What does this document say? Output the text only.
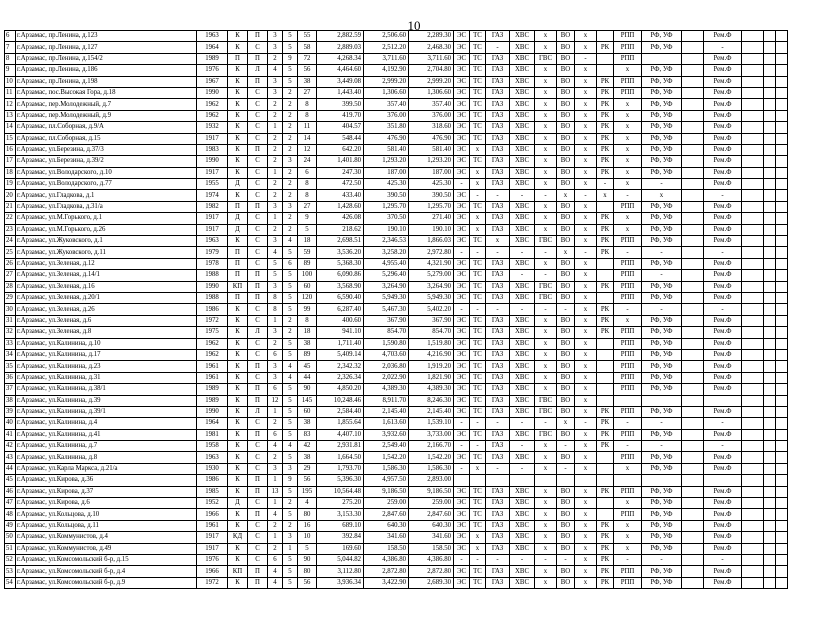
10
6	г.Арзамас, пр.Ленина, д.123	1963	К	П	3	5	55	2,882.59	2,506.60	2,289.30	ЭС	ТС	ГАЗ	ХВС	х	ВО	х		РПП	РФ, УФ		Рем.Ф			
7	г.Арзамас, пр.Ленина, д.127	1964	К	С	3	5	58	2,889.03	2,512.20	2,468.30	ЭС	ТС	-	ХВС	х	ВО	х	РК	РПП	РФ, УФ		-			
8	г.Арзамас, пр.Ленина, д.154/2	1989	П	П	2	9	72	4,268.34	3,711.60	3,711.60	ЭС	ТС	ГАЗ	ХВС	ГВС	ВО	-		РПП			Рем.Ф			
9	г.Арзамас, пр.Ленина, д.186	1976	К	Л	4	5	56	4,464.60	4,192.90	2,704.80	ЭС	ТС	ГАЗ	ХВС	х	ВО	х		х	РФ, УФ		Рем.Ф			
10	г.Арзамас, пр.Ленина, д.198	1967	К	П	3	5	38	3,449.08	2,999.20	2,999.20	ЭС	ТС	ГАЗ	ХВС	х	ВО	х	РК	РПП	РФ, УФ		Рем.Ф			
11	г.Арзамас, пос.Высокая Гора, д.18	1990	К	С	3	2	27	1,443.40	1,306.60	1,306.60	ЭС	ТС	ГАЗ	ХВС	х	ВО	х	РК	РПП	РФ, УФ		Рем.Ф			
12	г.Арзамас, пер.Молодежный, д.7	1962	К	С	2	2	8	399.50	357.40	357.40	ЭС	ТС	ГАЗ	ХВС	х	ВО	х	РК	х	РФ, УФ		Рем.Ф			
13	г.Арзамас, пер.Молодежный, д.9	1962	К	С	2	2	8	419.70	376.00	376.00	ЭС	ТС	ГАЗ	ХВС	х	ВО	х	РК	х	РФ, УФ		Рем.Ф			
14	г.Арзамас, пл.Соборная, д.9/А	1932	К	С	1	2	11	404.57	351.80	318.60	ЭС	ТС	ГАЗ	ХВС	х	ВО	х	РК	х	РФ, УФ		Рем.Ф			
15	г.Арзамас, пл.Соборная, д.15	1917	К	С	2	2	14	548.44	476.90	476.90	ЭС	ТС	ГАЗ	ХВС	х	ВО	х	РК	х	РФ, УФ		Рем.Ф			
16	г.Арзамас, ул.Березина, д.37/3	1983	К	П	2	2	12	642.20	581.40	581.40	ЭС	х	ГАЗ	ХВС	х	ВО	х	РК	х	РФ, УФ		Рем.Ф			
17	г.Арзамас, ул.Березина, д.39/2	1990	К	С	2	3	24	1,401.80	1,293.20	1,293.20	ЭС	ТС	ГАЗ	ХВС	х	ВО	х	РК	х	РФ, УФ		Рем.Ф			
18	г.Арзамас, ул.Володарского, д.10	1917	К	С	1	2	6	247.30	187.00	187.00	ЭС	х	ГАЗ	ХВС	х	ВО	х	РК	х	РФ, УФ		Рем.Ф			
19	г.Арзамас, ул.Володарского, д.77	1955	Д	С	2	2	8	472.50	425.30	425.30	-	х	ГАЗ	ХВС	х	ВО	х	-	х	-		Рем.Ф			
20	г.Арзамас, ул.Гладкова, д.1	1974	К	С	2	2	8	433.40	390.50	390.50	ЭС	-	-	-	-	х	-	х	-	х		-			
21	г.Арзамас, ул.Гладкова, д.31/а	1982	П	П	3	3	27	1,428.60	1,295.70	1,295.70	ЭС	ТС	ГАЗ	ХВС	х	ВО	х		РПП	РФ, УФ		Рем.Ф			
22	г.Арзамас, ул.М.Горького, д.1	1917	Д	С	1	2	9	426.08	370.50	271.40	ЭС	х	ГАЗ	ХВС	х	ВО	х	РК	х	РФ, УФ		Рем.Ф			
23	г.Арзамас, ул.М.Горького, д.26	1917	Д	С	2	2	5	218.62	190.10	190.10	ЭС	х	ГАЗ	ХВС	х	ВО	х	РК	х	РФ, УФ		Рем.Ф			
24	г.Арзамас, ул.Жуковского, д.1	1963	К	С	3	4	18	2,698.51	2,346.53	1,866.03	ЭС	ТС	х	ХВС	ГВС	ВО	х	РК	РПП	РФ, УФ		Рем.Ф			
25	г.Арзамас, ул.Жуковского, д.11	1979	П	С	4	5	59	3,536.20	3,258.20	2,972.80	-	-	-	-	-	х	-	РК	-	-		-			
26	г.Арзамас, ул.Зеленая, д.12	1978	П	С	5	6	89	5,368.30	4,955.40	4,321.90	ЭС	ТС	ГАЗ	ХВС	х	ВО	х		РПП	РФ, УФ		Рем.Ф			
27	г.Арзамас, ул.Зеленая, д.14/1	1988	П	П	5	5	100	6,090.86	5,296.40	5,279.00	ЭС	ТС	ГАЗ	-	-	ВО	х		РПП	-		Рем.Ф			
28	г.Арзамас, ул.Зеленая, д.16	1990	КП	П	3	5	60	3,568.90	3,264.90	3,264.90	ЭС	ТС	ГАЗ	ХВС	ГВС	ВО	х	РК	РПП	РФ, УФ		Рем.Ф			
29	г.Арзамас, ул.Зеленая, д.20/1	1988	П	П	8	5	120	6,590.40	5,949.30	5,949.30	ЭС	ТС	ГАЗ	ХВС	ГВС	ВО	х		РПП	РФ, УФ		Рем.Ф			
30	г.Арзамас, ул.Зеленая, д.26	1986	К	С	8	5	99	6,287.40	5,467.30	5,402.20	-	-	-	-	-	-	х	РК	-	-		-			
31	г.Арзамас, ул.Зеленая, д.6	1972	К	С	1	2	8	400.60	367.90	367.90	ЭС	ТС	ГАЗ	ХВС	х	ВО	х	РК	х	РФ, УФ		Рем.Ф			
32	г.Арзамас, ул.Зеленая, д.8	1975	К	Л	3	2	18	941.10	854.70	854.70	ЭС	ТС	ГАЗ	ХВС	х	ВО	х	РК	РПП	РФ, УФ		Рем.Ф			
33	г.Арзамас, ул.Калинина, д.10	1962	К	С	2	5	38	1,711.40	1,590.80	1,519.80	ЭС	ТС	ГАЗ	ХВС	х	ВО	х		РПП	РФ, УФ		Рем.Ф			
34	г.Арзамас, ул.Калинина, д.17	1962	К	С	6	5	89	5,409.14	4,703.60	4,216.90	ЭС	ТС	ГАЗ	ХВС	х	ВО	х		РПП	РФ, УФ		Рем.Ф			
35	г.Арзамас, ул.Калинина, д.23	1961	К	П	3	4	45	2,342.32	2,036.80	1,919.20	ЭС	ТС	ГАЗ	ХВС	х	ВО	х		РПП	РФ, УФ		Рем.Ф			
36	г.Арзамас, ул.Калинина, д.31	1961	К	С	3	4	44	2,326.34	2,022.90	1,821.90	ЭС	ТС	ГАЗ	ХВС	х	ВО	х		РПП	РФ, УФ		Рем.Ф			
37	г.Арзамас, ул.Калинина, д.38/1	1989	К	П	6	5	90	4,850.20	4,389.30	4,389.30	ЭС	ТС	ГАЗ	ХВС	х	ВО	х		РПП	РФ, УФ		Рем.Ф			
38	г.Арзамас, ул.Калинина, д.39	1989	К	П	12	5	145	10,248.46	8,911.70	8,246.30	ЭС	ТС	ГАЗ	ХВС	ГВС	ВО	х								
39	г.Арзамас, ул.Калинина, д.39/1	1990	К	Л	1	5	60	2,584.40	2,145.40	2,145.40	ЭС	ТС	ГАЗ	ХВС	ГВС	ВО	х	РК	РПП	РФ, УФ		Рем.Ф			
40	г.Арзамас, ул.Калинина, д.4	1964	К	С	2	5	38	1,855.64	1,613.60	1,539.10	-	-	-	-	-	х	-	РК	-	-		-			
41	г.Арзамас, ул.Калинина, д.41	1981	К	П	6	5	83	4,407.10	3,932.60	3,733.00	ЭС	ТС	ГАЗ	ХВС	ГВС	ВО	х	РК	РПП	РФ, УФ		Рем.Ф			
42	г.Арзамас, ул.Калинина, д.7	1958	К	С	4	4	42	2,931.81	2,549.40	2,166.70	-	-	ГАЗ	-	х	-	х	РК	-	-		-			
43	г.Арзамас, ул.Калинина, д.8	1963	К	С	2	5	38	1,664.50	1,542.20	1,542.20	ЭС	ТС	ГАЗ	ХВС	х	ВО	х		РПП	РФ, УФ		Рем.Ф			
44	г.Арзамас, ул.Карла Маркса, д.21/а	1930	К	С	3	3	29	1,793.70	1,586.30	1,586.30	-	х	-	-	х	-	х		х	РФ, УФ		Рем.Ф			
45	г.Арзамас, ул.Кирова, д.36	1986	К	П	1	9	56	5,396.30	4,957.50	2,893.00															
46	г.Арзамас, ул.Кирова, д.37	1985	К	П	13	5	195	10,564.48	9,186.50	9,186.50	ЭС	ТС	ГАЗ	ХВС	х	ВО	х	РК	РПП	РФ, УФ		Рем.Ф			
47	г.Арзамас, ул.Кирова, д.6	1952	Д	С	1	2	4	275.20	259.00	259.00	ЭС	ТС	ГАЗ	ХВС	х	ВО	х		х	РФ, УФ		Рем.Ф			
48	г.Арзамас, ул.Кольцова, д.10	1966	К	П	4	5	80	3,153.30	2,847.60	2,847.60	ЭС	ТС	ГАЗ	ХВС	х	ВО	х		РПП	РФ, УФ		Рем.Ф			
49	г.Арзамас, ул.Кольцова, д.11	1961	К	С	2	2	16	689.10	640.30	640.30	ЭС	ТС	ГАЗ	ХВС	х	ВО	х	РК	х	РФ, УФ		Рем.Ф			
50	г.Арзамас, ул.Коммунистов, д.4	1917	КД	С	1	3	10	392.84	341.60	341.60	ЭС	х	ГАЗ	ХВС	х	ВО	х	РК	х	РФ, УФ		Рем.Ф			
51	г.Арзамас, ул.Коммунистов, д.49	1917	К	С	2	1	5	169.60	158.50	158.50	ЭС	х	ГАЗ	ХВС	х	ВО	х	РК	х	РФ, УФ		Рем.Ф			
52	г.Арзамас, ул.Комсомольский б-р, д.15	1976	К	С	6	5	90	5,044.82	4,386.80	4,386.80	-	-	-	-	-	-	х	РК	-	-		-			
53	г.Арзамас, ул.Комсомольский б-р, д.4	1966	КП	П	4	5	80	3,112.80	2,872.80	2,872.80	ЭС	ТС	ГАЗ	ХВС	х	ВО	х	РК	РПП	РФ, УФ		Рем.Ф			
54	г.Арзамас, ул.Комсомольский б-р, д.9	1972	К	П	4	5	56	3,936.34	3,422.90	2,689.30	ЭС	ТС	ГАЗ	ХВС	х	ВО	х	РК	РПП	РФ, УФ		Рем.Ф			
